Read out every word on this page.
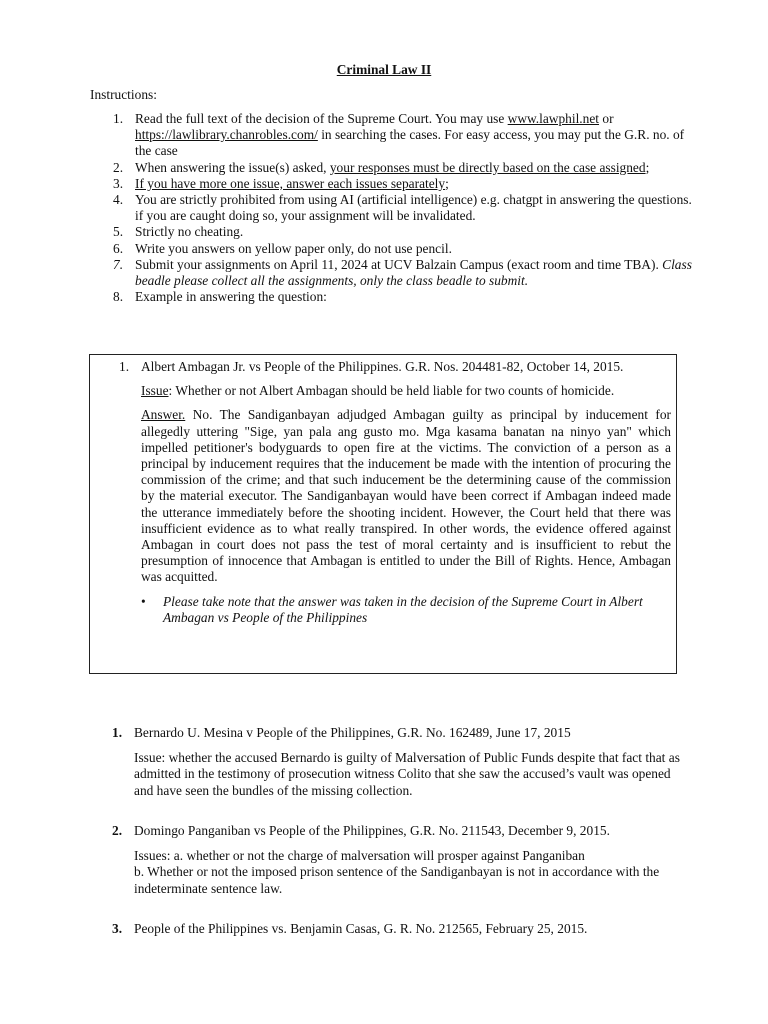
Criminal Law II
Instructions:
1. Read the full text of the decision of the Supreme Court. You may use www.lawphil.net or https://lawlibrary.chanrobles.com/ in searching the cases. For easy access, you may put the G.R. no. of the case
2. When answering the issue(s) asked, your responses must be directly based on the case assigned;
3. If you have more one issue, answer each issues separately;
4. You are strictly prohibited from using AI (artificial intelligence) e.g. chatgpt in answering the questions. if you are caught doing so, your assignment will be invalidated.
5. Strictly no cheating.
6. Write you answers on yellow paper only, do not use pencil.
7. Submit your assignments on April 11, 2024 at UCV Balzain Campus (exact room and time TBA). Class beadle please collect all the assignments, only the class beadle to submit.
8. Example in answering the question:
1. Albert Ambagan Jr. vs People of the Philippines. G.R. Nos. 204481-82, October 14, 2015.
Issue: Whether or not Albert Ambagan should be held liable for two counts of homicide.
Answer. No. The Sandiganbayan adjudged Ambagan guilty as principal by inducement for allegedly uttering "Sige, yan pala ang gusto mo. Mga kasama banatan na ninyo yan" which impelled petitioner's bodyguards to open fire at the victims. The conviction of a person as a principal by inducement requires that the inducement be made with the intention of procuring the commission of the crime; and that such inducement be the determining cause of the commission by the material executor. The Sandiganbayan would have been correct if Ambagan indeed made the utterance immediately before the shooting incident. However, the Court held that there was insufficient evidence as to what really transpired. In other words, the evidence offered against Ambagan in court does not pass the test of moral certainty and is insufficient to rebut the presumption of innocence that Ambagan is entitled to under the Bill of Rights. Hence, Ambagan was acquitted.
• Please take note that the answer was taken in the decision of the Supreme Court in Albert Ambagan vs People of the Philippines
1. Bernardo U. Mesina v People of the Philippines, G.R. No. 162489, June 17, 2015
Issue: whether the accused Bernardo is guilty of Malversation of Public Funds despite that fact that as admitted in the testimony of prosecution witness Colito that she saw the accused’s vault was opened and have seen the bundles of the missing collection.
2. Domingo Panganiban vs People of the Philippines, G.R. No. 211543, December 9, 2015.
Issues: a. whether or not the charge of malversation will prosper against Panganiban
b. Whether or not the imposed prison sentence of the Sandiganbayan is not in accordance with the indeterminate sentence law.
3. People of the Philippines vs. Benjamin Casas, G. R. No. 212565, February 25, 2015.
